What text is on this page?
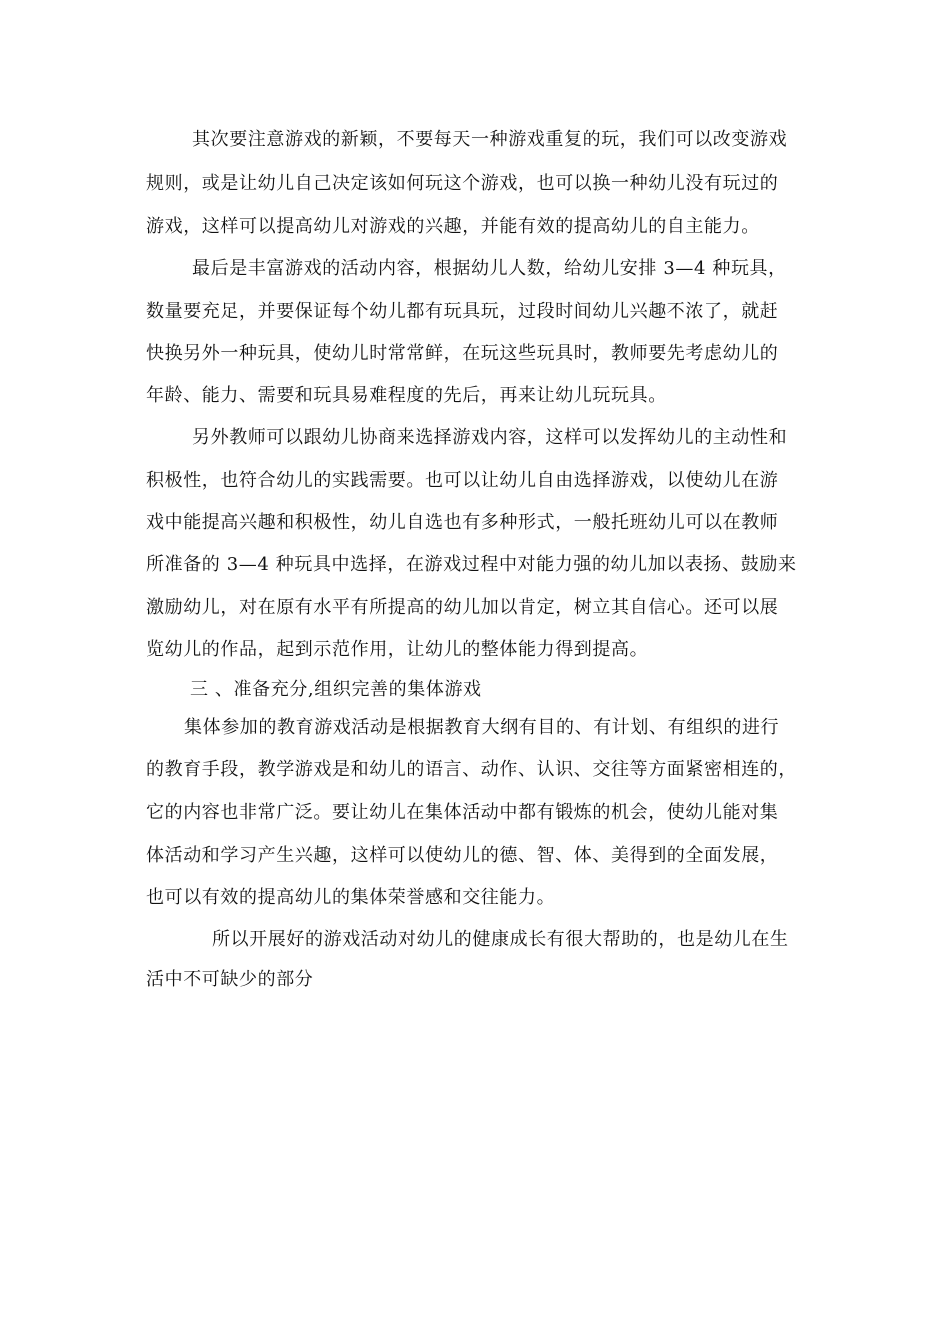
其次要注意游戏的新颖，不要每天一种游戏重复的玩，我们可以改变游戏
规则，或是让幼儿自己决定该如何玩这个游戏，也可以换一种幼儿没有玩过的
游戏，这样可以提高幼儿对游戏的兴趣，并能有效的提高幼儿的自主能力。
最后是丰富游戏的活动内容，根据幼儿人数，给幼儿安排 3—4 种玩具，
数量要充足，并要保证每个幼儿都有玩具玩，过段时间幼儿兴趣不浓了，就赶
快换另外一种玩具，使幼儿时常常鲜，在玩这些玩具时，教师要先考虑幼儿的
年龄、能力、需要和玩具易难程度的先后，再来让幼儿玩玩具。
另外教师可以跟幼儿协商来选择游戏内容，这样可以发挥幼儿的主动性和
积极性，也符合幼儿的实践需要。也可以让幼儿自由选择游戏，以使幼儿在游
戏中能提高兴趣和积极性，幼儿自选也有多种形式，一般托班幼儿可以在教师
所准备的 3—4 种玩具中选择，在游戏过程中对能力强的幼儿加以表扬、鼓励来
激励幼儿，对在原有水平有所提高的幼儿加以肯定，树立其自信心。还可以展
览幼儿的作品，起到示范作用，让幼儿的整体能力得到提高。
三 、准备充分,组织完善的集体游戏
集体参加的教育游戏活动是根据教育大纲有目的、有计划、有组织的进行
的教育手段，教学游戏是和幼儿的语言、动作、认识、交往等方面紧密相连的，
它的内容也非常广泛。要让幼儿在集体活动中都有锻炼的机会，使幼儿能对集
体活动和学习产生兴趣，这样可以使幼儿的德、智、体、美得到的全面发展，
也可以有效的提高幼儿的集体荣誉感和交往能力。
所以开展好的游戏活动对幼儿的健康成长有很大帮助的，也是幼儿在生
活中不可缺少的部分
